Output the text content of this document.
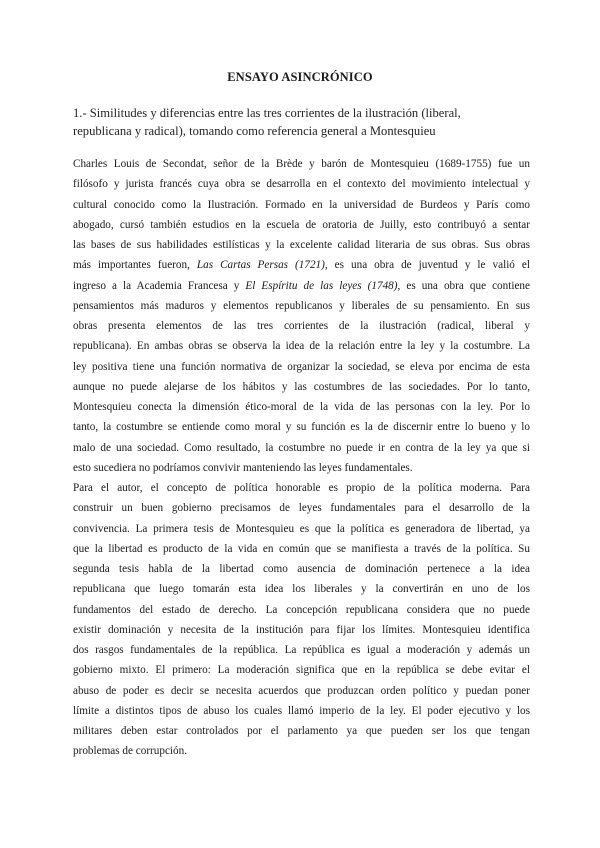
ENSAYO ASINCRÓNICO
1.- Similitudes y diferencias entre las tres corrientes de la ilustración (liberal,
republicana y radical), tomando como referencia general a Montesquieu

Charles Louis de Secondat, señor de la Brède y barón de Montesquieu (1689-1755) fue un
filósofo y jurista francés cuya obra se desarrolla en el contexto del movimiento intelectual y
cultural conocido como la Ilustración. Formado en la universidad de Burdeos y París como
abogado, cursó también estudios en la escuela de oratoria de Juilly, esto contribuyó a sentar
las bases de sus habilidades estilísticas y la excelente calidad literaria de sus obras. Sus obras
más importantes fueron, Las Cartas Persas (1721), es una obra de juventud y le valió el
ingreso a la Academia Francesa y El Espíritu de las leyes (1748), es una obra que contiene
pensamientos más maduros y elementos republicanos y liberales de su pensamiento. En sus
obras presenta elementos de las tres corrientes de la ilustración (radical, liberal y
republicana). En ambas obras se observa la idea de la relación entre la ley y la costumbre. La
ley positiva tiene una función normativa de organizar la sociedad, se eleva por encima de esta
aunque no puede alejarse de los hábitos y las costumbres de las sociedades. Por lo tanto,
Montesquieu conecta la dimensión ético-moral de la vida de las personas con la ley. Por lo
tanto, la costumbre se entiende como moral y su función es la de discernir entre lo bueno y lo
malo de una sociedad. Como resultado, la costumbre no puede ir en contra de la ley ya que si
esto sucediera no podríamos convivir manteniendo las leyes fundamentales.

Para el autor, el concepto de política honorable es propio de la política moderna. Para
construir un buen gobierno precisamos de leyes fundamentales para el desarrollo de la
convivencia. La primera tesis de Montesquieu es que la política es generadora de libertad, ya
que la libertad es producto de la vida en común que se manifiesta a través de la política. Su
segunda tesis habla de la libertad como ausencia de dominación pertenece a la idea
republicana que luego tomarán esta idea los liberales y la convertirán en uno de los
fundamentos del estado de derecho. La concepción republicana considera que no puede
existir dominación y necesita de la institución para fijar los límites. Montesquieu identifica
dos rasgos fundamentales de la república. La república es igual a moderación y además un
gobierno mixto. El primero: La moderación significa que en la república se debe evitar el
abuso de poder es decir se necesita acuerdos que produzcan orden político y puedan poner
límite a distintos tipos de abuso los cuales llamó imperio de la ley. El poder ejecutivo y los
militares deben estar controlados por el parlamento ya que pueden ser los que tengan
problemas de corrupción.
